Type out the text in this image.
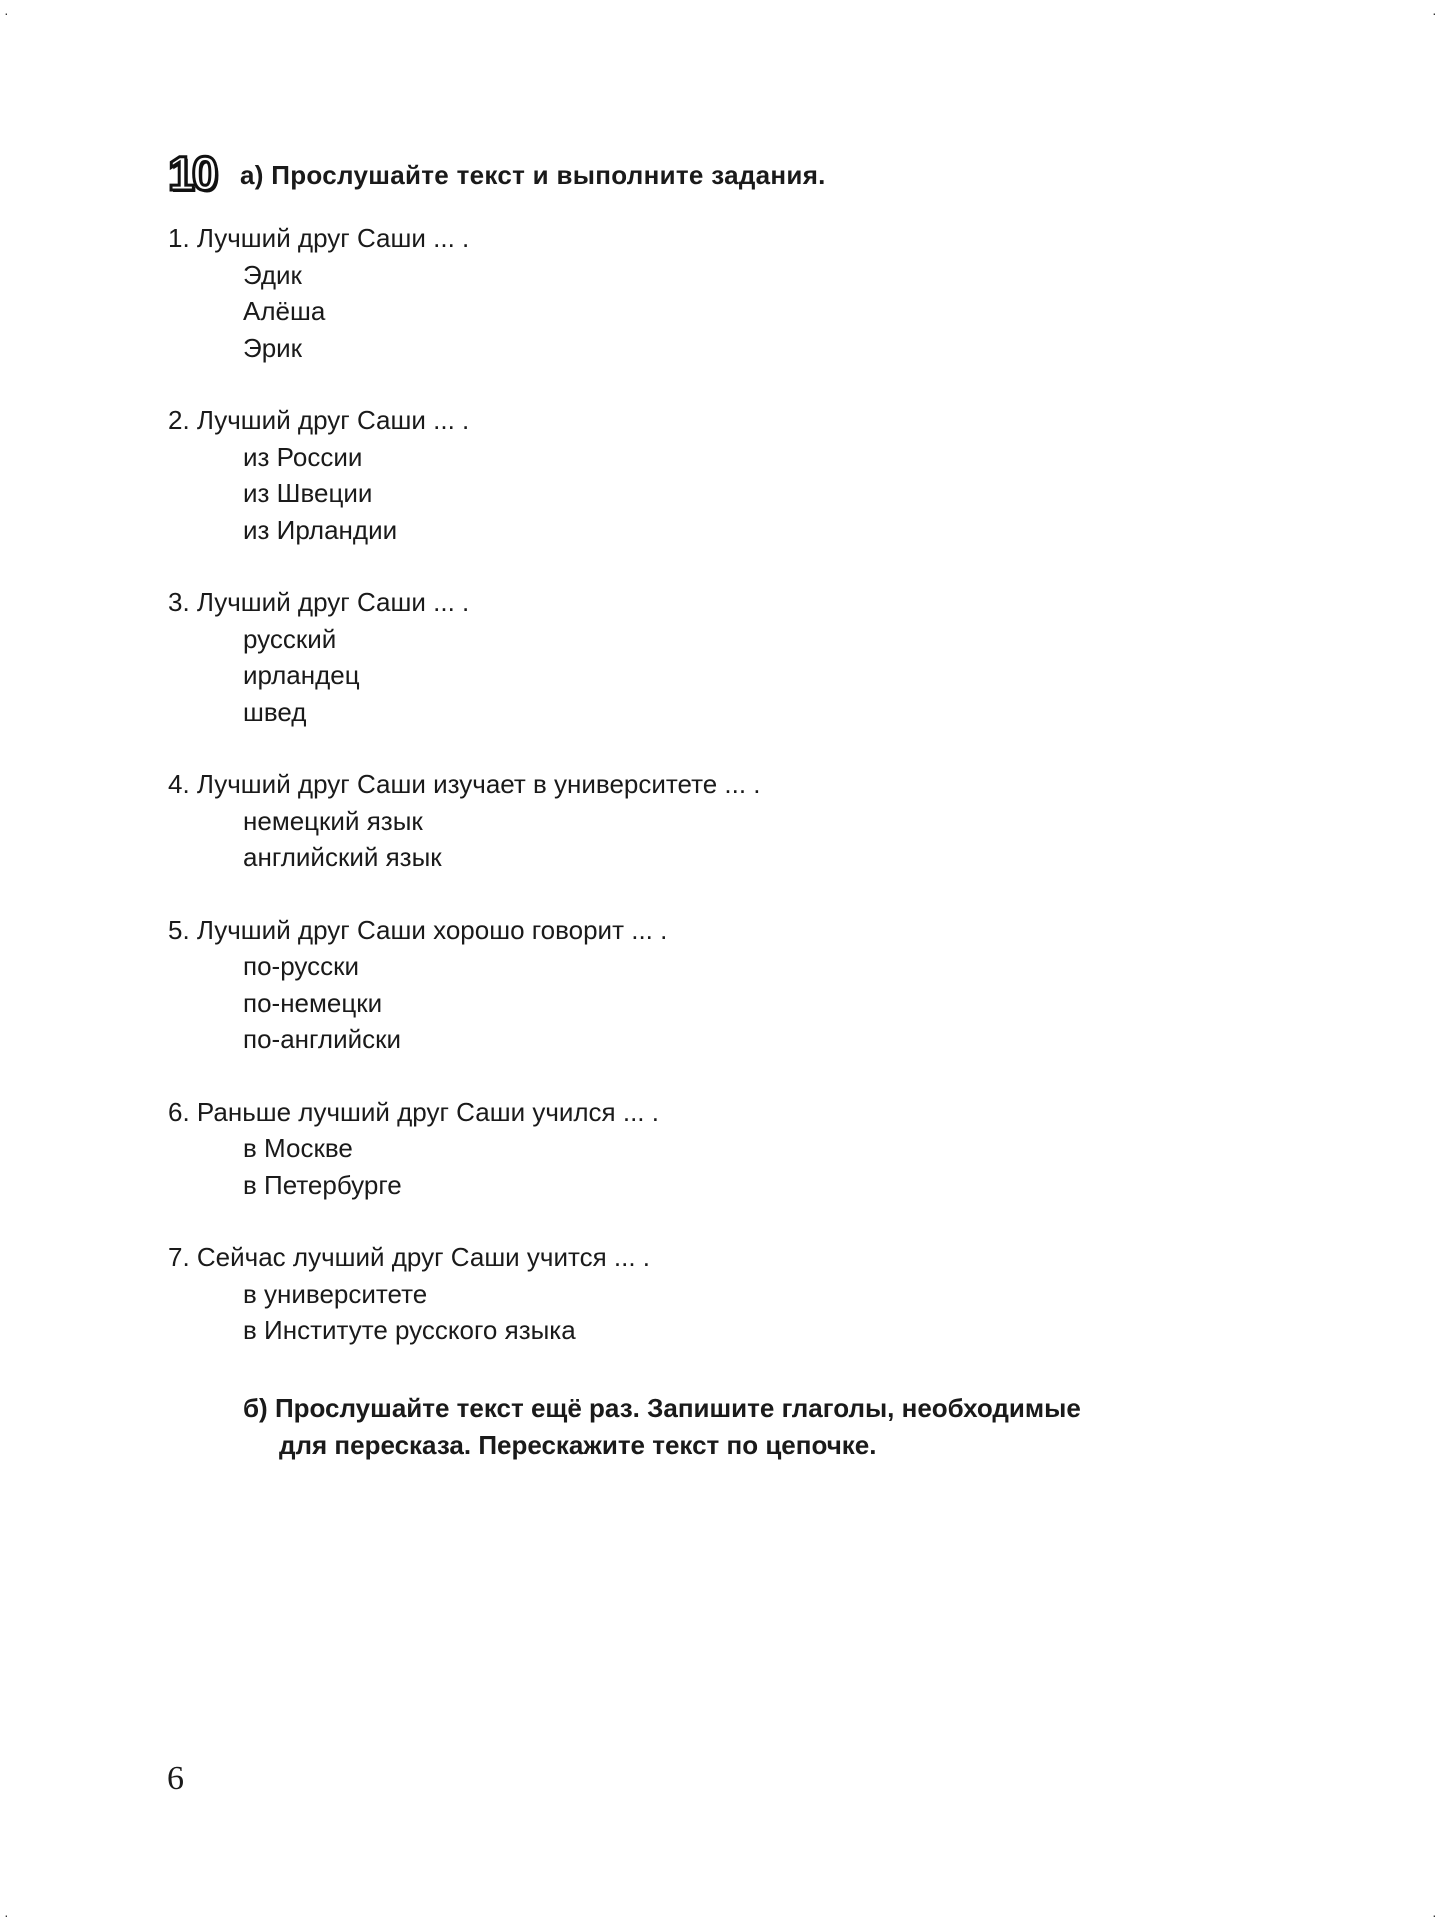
10 а) Прослушайте текст и выполните задания.
1. Лучший друг Саши ... .
Эдик
Алёша
Эрик
2. Лучший друг Саши ... .
из России
из Швеции
из Ирландии
3. Лучший друг Саши ... .
русский
ирландец
швед
4. Лучший друг Саши изучает в университете ... .
немецкий язык
английский язык
5. Лучший друг Саши хорошо говорит ... .
по-русски
по-немецки
по-английски
6. Раньше лучший друг Саши учился ... .
в Москве
в Петербурге
7. Сейчас лучший друг Саши учится ... .
в университете
в Институте русского языка
б) Прослушайте текст ещё раз. Запишите глаголы, необходимые
для пересказа. Перескажите текст по цепочке.
6
·	·
·	·
